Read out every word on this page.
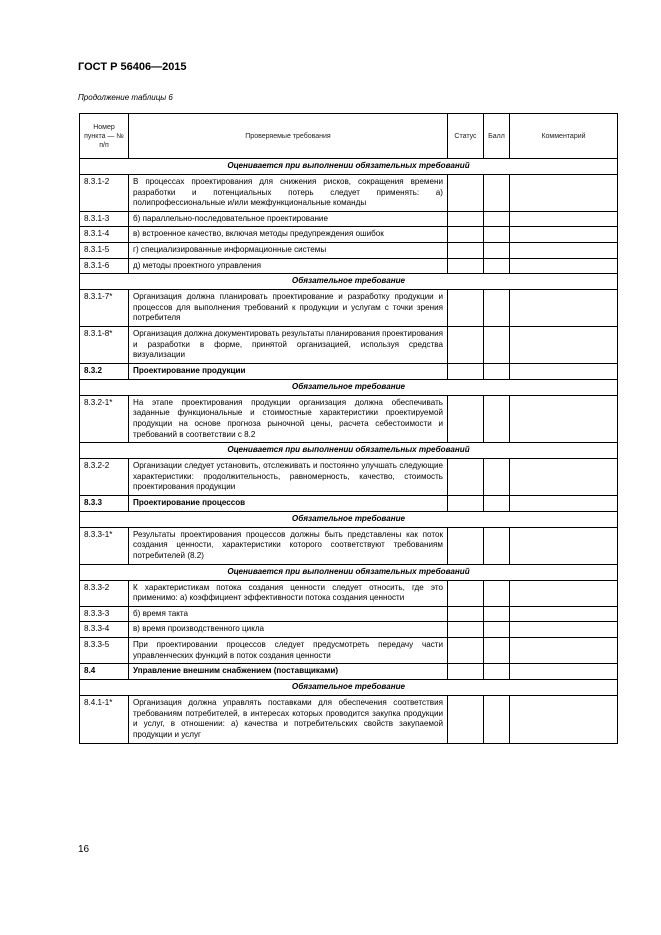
ГОСТ Р 56406—2015
Продолжение таблицы 6
Номер пункта — № п/п	Проверяемые требования	Статус	Балл	Комментарий
Оценивается при выполнении обязательных требований				
8.3.1-2	В процессах проектирования для снижения рисков, сокращения времени разработки и потенциальных потерь следует применять: а) полипрофессиональные и/или межфункциональные команды			
8.3.1-3	б) параллельно-последовательное проектирование			
8.3.1-4	в) встроенное качество, включая методы предупреждения ошибок			
8.3.1-5	г) специализированные информационные системы			
8.3.1-6	д) методы проектного управления			
Обязательное требование				
8.3.1-7*	Организация должна планировать проектирование и разработку продукции и процессов для выполнения требований к продукции и услугам с точки зрения потребителя			
8.3.1-8*	Организация должна документировать результаты планирования проектирования и разработки в форме, принятой организацией, используя средства визуализации			
8.3.2	Проектирование продукции			
Обязательное требование				
8.3.2-1*	На этапе проектирования продукции организация должна обеспечивать заданные функциональные и стоимостные характеристики проектируемой продукции на основе прогноза рыночной цены, расчета себестоимости и требований в соответствии с 8.2			
Оценивается при выполнении обязательных требований				
8.3.2-2	Организации следует установить, отслеживать и постоянно улучшать следующие характеристики: продолжительность, равномерность, качество, стоимость проектирования продукции			
8.3.3	Проектирование процессов			
Обязательное требование				
8.3.3-1*	Результаты проектирования процессов должны быть представлены как поток создания ценности, характеристики которого соответствуют требованиям потребителей (8.2)			
Оценивается при выполнении обязательных требований				
8.3.3-2	К характеристикам потока создания ценности следует относить, где это применимо: а) коэффициент эффективности потока создания ценности			
8.3.3-3	б) время такта			
8.3.3-4	в) время производственного цикла			
8.3.3-5	При проектировании процессов следует предусмотреть передачу части управленческих функций в поток создания ценности			
8.4	Управление внешним снабжением (поставщиками)			
Обязательное требование				
8.4.1-1*	Организация должна управлять поставками для обеспечения соответствия требованиям потребителей, в интересах которых проводится закупка продукции и услуг, в отношении: а) качества и потребительских свойств закупаемой продукции и услуг			
16
